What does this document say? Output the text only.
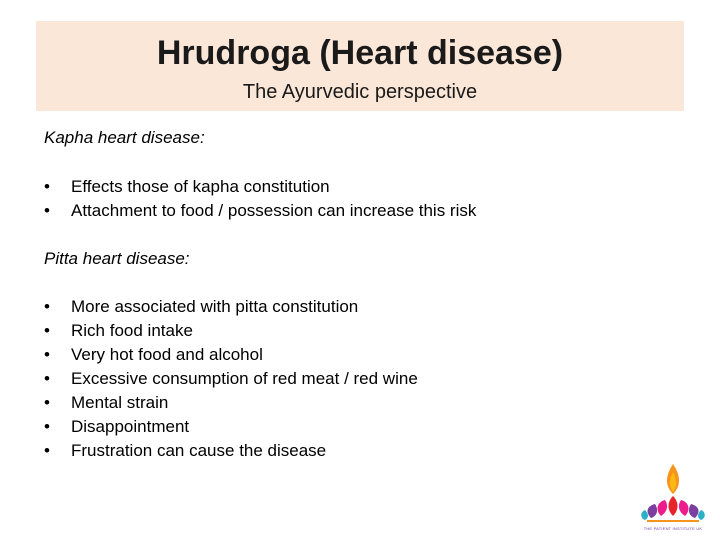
Hrudroga (Heart disease)
The Ayurvedic perspective
Kapha heart disease:
• Effects those of kapha constitution
• Attachment to food / possession can increase this risk
Pitta heart disease:
• More associated with pitta constitution
• Rich food intake
• Very hot food and alcohol
• Excessive consumption of red meat / red wine
• Mental strain
• Disappointment
• Frustration can cause the disease
THE PATIENT INSTITUTE UK
